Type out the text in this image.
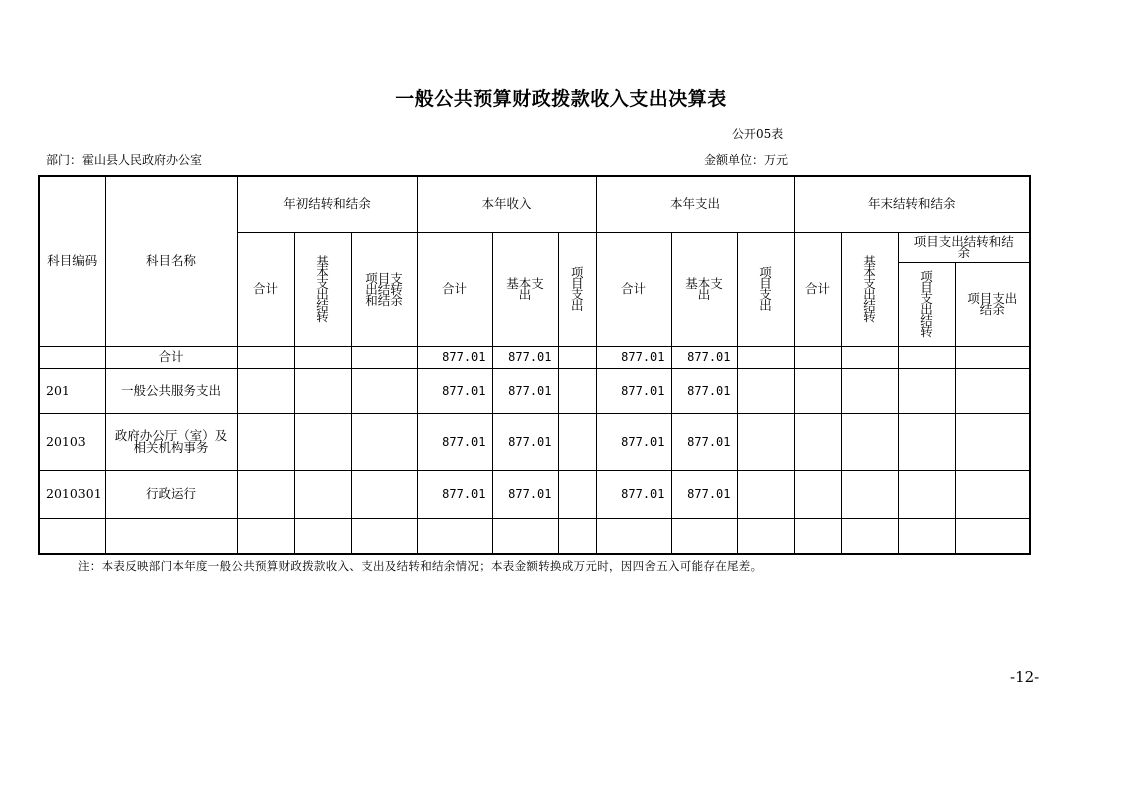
一般公共预算财政拨款收入支出决算表
公开05表
部门：霍山县人民政府办公室	金额单位：万元
科目编码	科目名称	年初结转和结余			本年收入			本年支出			年末结转和结余			
		合计	基本支出结转	项目支出结转和结余	合计	基本支出	项目支出	合计	基本支出	项目支出	合计	基本支出结转	项目支出结转和结余	

													项目支出结转	项目支出结余

	合计				877.01	877.01		877.01	877.01					
201	一般公共服务支出				877.01	877.01		877.01	877.01					
20103	政府办公厅（室）及相关机构事务				877.01	877.01		877.01	877.01					
2010301	行政运行				877.01	877.01		877.01	877.01					

注：本表反映部门本年度一般公共预算财政拨款收入、支出及结转和结余情况；本表金额转换成万元时，因四舍五入可能存在尾差。
-12-
